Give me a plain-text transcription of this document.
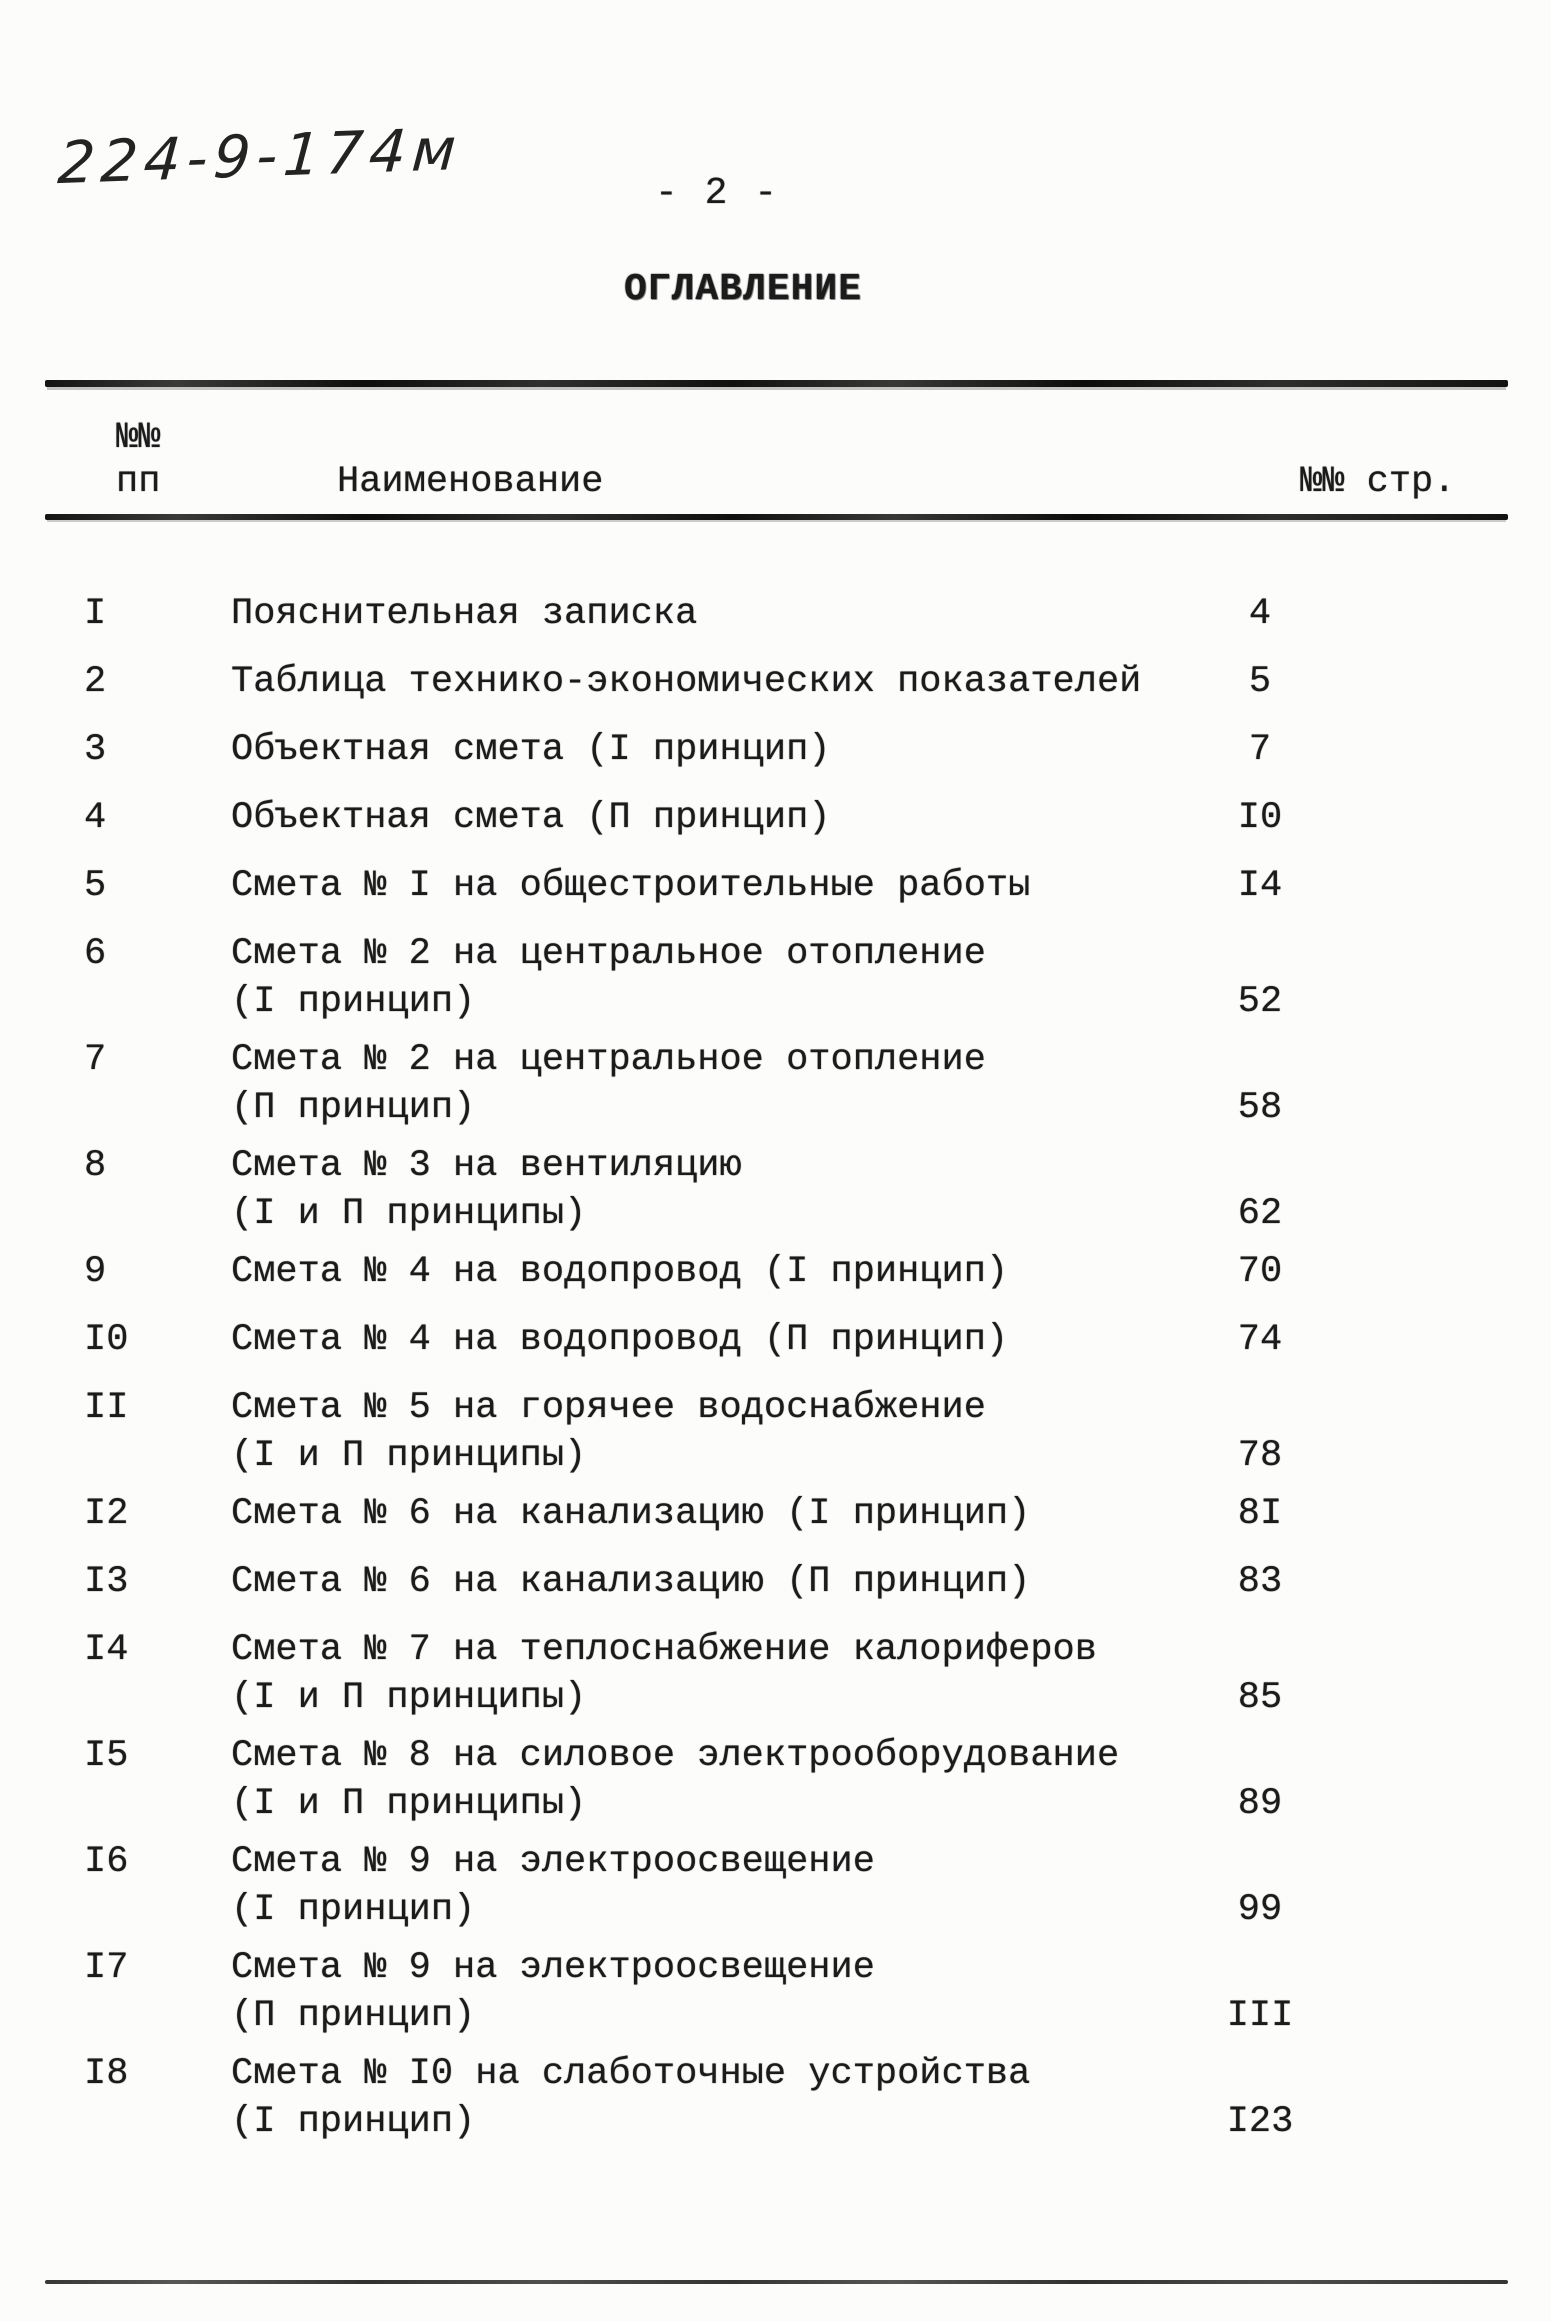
224-9-174м	- 2 -
ОГЛАВЛЕНИЕ
№№
пп	Наименование	№№ стр.
I	Пояснительная записка	4
2	Таблица технико-экономических показателей	5
3	Объектная смета (I принцип)	7
4	Объектная смета (П принцип)	I0
5	Смета № I на общестроительные работы	I4
6	Смета № 2 на центральное отопление
(I принцип)	52
7	Смета № 2 на центральное отопление
(П принцип)	58
8	Смета № 3 на вентиляцию
(I и П принципы)	62
9	Смета № 4 на водопровод (I принцип)	70
I0	Смета № 4 на водопровод (П принцип)	74
II	Смета № 5 на горячее водоснабжение
(I и П принципы)	78
I2	Смета № 6 на канализацию (I принцип)	8I
I3	Смета № 6 на канализацию (П принцип)	83
I4	Смета № 7 на теплоснабжение калориферов
(I и П принципы)	85
I5	Смета № 8 на силовое электрооборудование
(I и П принципы)	89
I6	Смета № 9 на электроосвещение
(I принцип)	99
I7	Смета № 9 на электроосвещение
(П принцип)	III
I8	Смета № I0 на слаботочные устройства
(I принцип)	I23
